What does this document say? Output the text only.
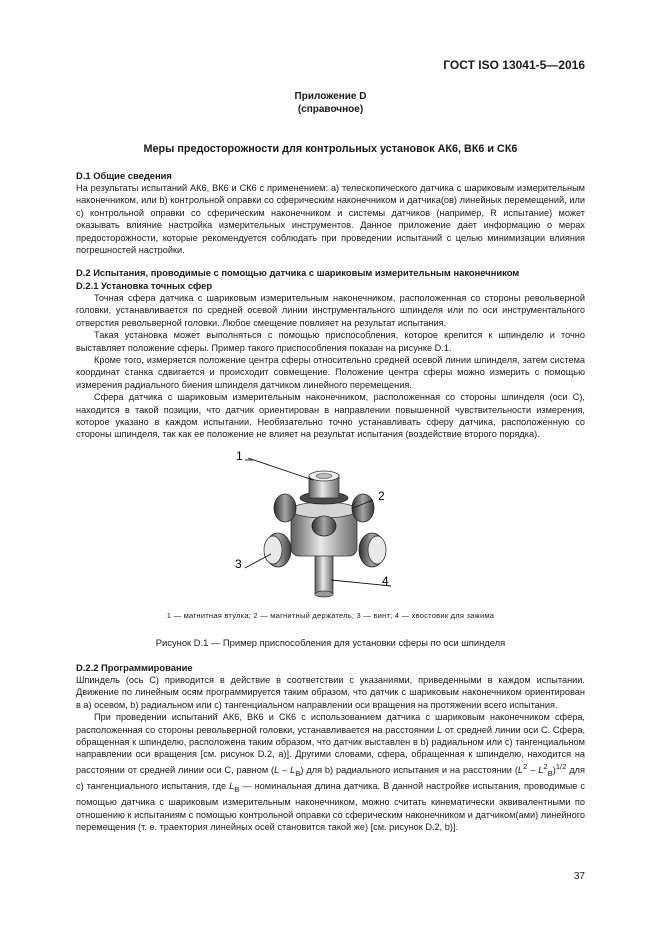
ГОСТ ISO 13041-5—2016
Приложение D
(справочное)
Меры предосторожности для контрольных установок АК6, ВК6 и СК6
D.1 Общие сведения

На результаты испытаний АК6, ВК6 и СК6 с применением: а) телескопического датчика с шариковым измерительным наконечником, или b) контрольной оправки со сферическим наконечником и датчика(ов) линейных перемещений, или с) контрольной оправки со сферическим наконечником и системы датчиков (например, R испытание) может оказывать влияние настройка измерительных инструментов. Данное приложение дает информацию о мерах предосторожности, которые рекомендуется соблюдать при проведении испытаний с целью минимизации влияния погрешностей настройки.

D.2 Испытания, проводимые с помощью датчика с шариковым измерительным наконечником
D.2.1 Установка точных сфер

Точная сфера датчика с шариковым измерительным наконечником, расположенная со стороны револьверной головки, устанавливается по средней осевой линии инструментального шпинделя или по оси инструментального отверстия револьверной головки. Любое смещение повлияет на результат испытания.

Такая установка может выполняться с помощью приспособления, которое крепится к шпинделю и точно выставляет положение сферы. Пример такого приспособления показан на рисунке D.1.

Кроме того, измеряется положение центра сферы относительно средней осевой линии шпинделя, затем система координат станка сдвигается и происходит совмещение. Положение центра сферы можно измерить с помощью измерения радиального биения шпинделя датчиком линейного перемещения.

Сфера датчика с шариковым измерительным наконечником, расположенная со стороны шпинделя (оси С), находится в такой позиции, что датчик ориентирован в направлении повышенной чувствительности измерения, которое указано в каждом испытании. Необязательно точно устанавливать сферу датчика, расположенную со стороны шпинделя, так как ее положение не влияет на результат испытания (воздействие второго порядка).

1
2
3
4
1 — магнитная втулка; 2 — магнитный держатель; 3 — винт; 4 — хвостовик для зажима
Рисунок D.1 — Пример приспособления для установки сферы по оси шпинделя
D.2.2 Программирование

Шпиндель (ось С) приводится в действие в соответствии с указаниями, приведенными в каждом испытании. Движение по линейным осям программируется таким образом, что датчик с шариковым наконечником ориентирован в а) осевом, b) радиальном или с) тангенциальном направлении оси вращения на протяжении всего испытания.

При проведении испытаний АК6, ВК6 и СК6 с использованием датчика с шариковым наконечником сфера, расположенная со стороны револьверной головки, устанавливается на расстоянии L от средней линии оси С. Сфера, обращенная к шпинделю, расположена таким образом, что датчик выставлен в b) радиальном или с) тангенциальном направлении оси вращения [см. рисунок D.2, а)]. Другими словами, сфера, обращенная к шпинделю, находится на расстоянии от средней линии оси С, равном $(L - L_B)$ для b) радиального испытания и на расстоянии $(L^2 - L^2_B)^{1/2}$ для с) тангенциального испытания, где $L_B$ — номинальная длина датчика. В данной настройке испытания, проводимые с помощью датчика с шариковым измерительным наконечником, можно считать кинематически эквивалентными по отношению к испытаниям с помощью контрольной оправки со сферическим наконечником и датчиком(ами) линейного перемещения (т. е. траектория линейных осей становится такой же) [см. рисунок D.2, b)].

37
